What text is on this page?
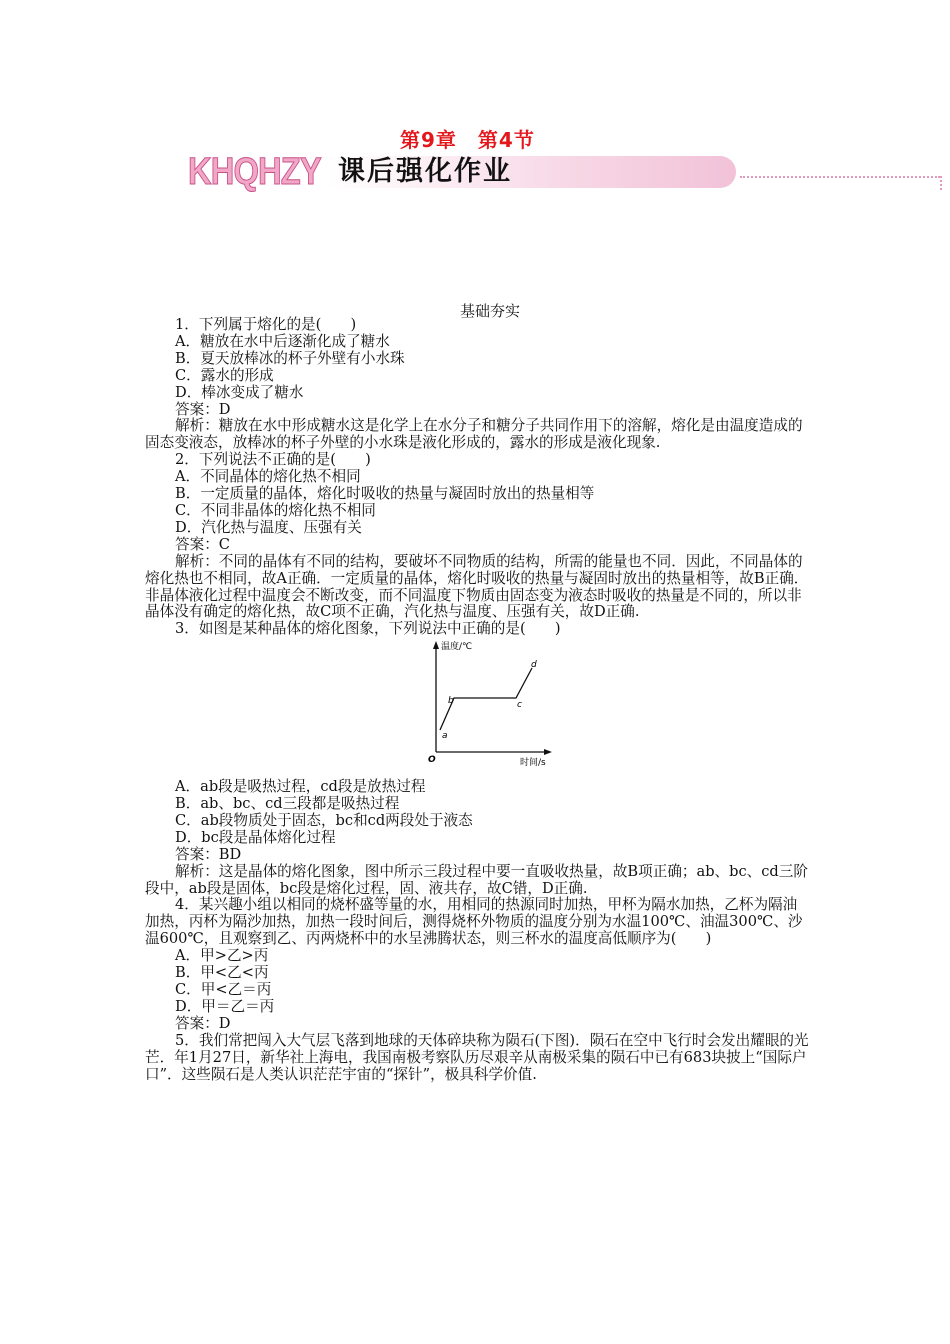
第9章　第4节
KHQHZY 课后强化作业
基础夯实

1．下列属于熔化的是(　　)

A．糖放在水中后逐渐化成了糖水

B．夏天放棒冰的杯子外壁有小水珠

C．露水的形成

D．棒冰变成了糖水

答案：D

解析：糖放在水中形成糖水这是化学上在水分子和糖分子共同作用下的溶解，熔化是由温度造成的固态变液态，放棒冰的杯子外壁的小水珠是液化形成的，露水的形成是液化现象.

2．下列说法不正确的是(　　)

A．不同晶体的熔化热不相同

B．一定质量的晶体，熔化时吸收的热量与凝固时放出的热量相等

C．不同非晶体的熔化热不相同

D．汽化热与温度、压强有关

答案：C

解析：不同的晶体有不同的结构，要破坏不同物质的结构，所需的能量也不同．因此，不同晶体的熔化热也不相同，故A正确．一定质量的晶体，熔化时吸收的热量与凝固时放出的热量相等，故B正确．非晶体液化过程中温度会不断改变，而不同温度下物质由固态变为液态时吸收的热量是不同的，所以非晶体没有确定的熔化热，故C项不正确，汽化热与温度、压强有关，故D正确.

3．如图是某种晶体的熔化图象，下列说法中正确的是(　　)

温度/℃
时间/s
O
a
b	c
d

A．ab段是吸热过程，cd段是放热过程

B．ab、bc、cd三段都是吸热过程

C．ab段物质处于固态，bc和cd两段处于液态

D．bc段是晶体熔化过程

答案：BD

解析：这是晶体的熔化图象，图中所示三段过程中要一直吸收热量，故B项正确；ab、bc、cd三阶段中，ab段是固体，bc段是熔化过程，固、液共存，故C错，D正确.

4．某兴趣小组以相同的烧杯盛等量的水，用相同的热源同时加热，甲杯为隔水加热，乙杯为隔油加热，丙杯为隔沙加热，加热一段时间后，测得烧杯外物质的温度分别为水温100℃、油温300℃、沙温600℃，且观察到乙、丙两烧杯中的水呈沸腾状态，则三杯水的温度高低顺序为(　　)

A．甲>乙>丙

B．甲<乙<丙

C．甲<乙＝丙

D．甲＝乙＝丙

答案：D

5．我们常把闯入大气层飞落到地球的天体碎块称为陨石(下图)．陨石在空中飞行时会发出耀眼的光芒．年1月27日，新华社上海电，我国南极考察队历尽艰辛从南极采集的陨石中已有683块披上“国际户口”．这些陨石是人类认识茫茫宇宙的“探针”，极具科学价值.
